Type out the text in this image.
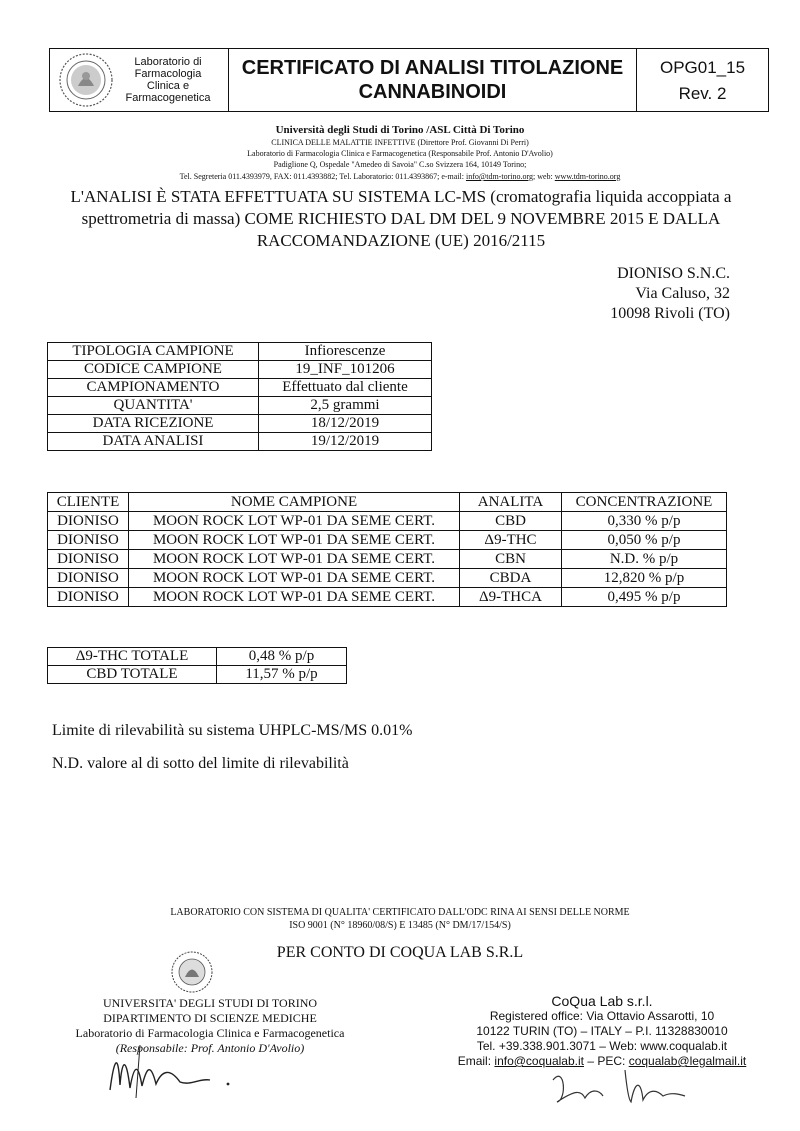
Laboratorio di Farmacologia Clinica e Farmacogenetica
CERTIFICATO DI ANALISI TITOLAZIONE
CANNABINOIDI
OPG01_15
Rev. 2
Università degli Studi di Torino /ASL Città Di Torino
CLINICA DELLE MALATTIE INFETTIVE (Direttore Prof. Giovanni Di Perri)
Laboratorio di Farmacologia Clinica e Farmacogenetica (Responsabile Prof. Antonio D'Avolio)
Padiglione Q, Ospedale "Amedeo di Savoia" C.so Svizzera 164, 10149 Torino;
Tel. Segreteria 011.4393979, FAX: 011.4393882; Tel. Laboratorio: 011.4393867; e-mail: info@tdm-torino.org; web: www.tdm-torino.org
L'ANALISI È STATA EFFETTUATA SU SISTEMA LC-MS (cromatografia liquida accoppiata a spettrometria di massa) COME RICHIESTO DAL DM DEL 9 NOVEMBRE 2015 E DALLA RACCOMANDAZIONE (UE) 2016/2115
DIONISO S.N.C.
Via Caluso, 32
10098 Rivoli (TO)
TIPOLOGIA CAMPIONE	Infiorescenze
CODICE CAMPIONE	19_INF_101206
CAMPIONAMENTO	Effettuato dal cliente
QUANTITA'	2,5 grammi
DATA RICEZIONE	18/12/2019
DATA ANALISI	19/12/2019
CLIENTE	NOME CAMPIONE	ANALITA	CONCENTRAZIONE
DIONISO	MOON ROCK LOT WP-01 DA SEME CERT.	CBD	0,330 % p/p
DIONISO	MOON ROCK LOT WP-01 DA SEME CERT.	Δ9-THC	0,050 % p/p
DIONISO	MOON ROCK LOT WP-01 DA SEME CERT.	CBN	N.D. % p/p
DIONISO	MOON ROCK LOT WP-01 DA SEME CERT.	CBDA	12,820 % p/p
DIONISO	MOON ROCK LOT WP-01 DA SEME CERT.	Δ9-THCA	0,495 % p/p
Δ9-THC TOTALE	0,48 % p/p
CBD TOTALE	11,57 % p/p
Limite di rilevabilità su sistema UHPLC-MS/MS 0.01%
N.D. valore al di sotto del limite di rilevabilità
LABORATORIO CON SISTEMA DI QUALITA' CERTIFICATO DALL'ODC RINA AI SENSI DELLE NORME
ISO 9001 (N° 18960/08/S) E 13485 (N° DM/17/154/S)
PER CONTO DI COQUA LAB S.R.L
UNIVERSITA' DEGLI STUDI DI TORINO
DIPARTIMENTO DI SCIENZE MEDICHE
Laboratorio di Farmacologia Clinica e Farmacogenetica
(Responsabile: Prof. Antonio D'Avolio)
CoQua Lab s.r.l.
Registered office: Via Ottavio Assarotti, 10
10122 TURIN (TO) – ITALY – P.I. 11328830010
Tel. +39.338.901.3071 – Web: www.coqualab.it
Email: info@coqualab.it – PEC: coqualab@legalmail.it
